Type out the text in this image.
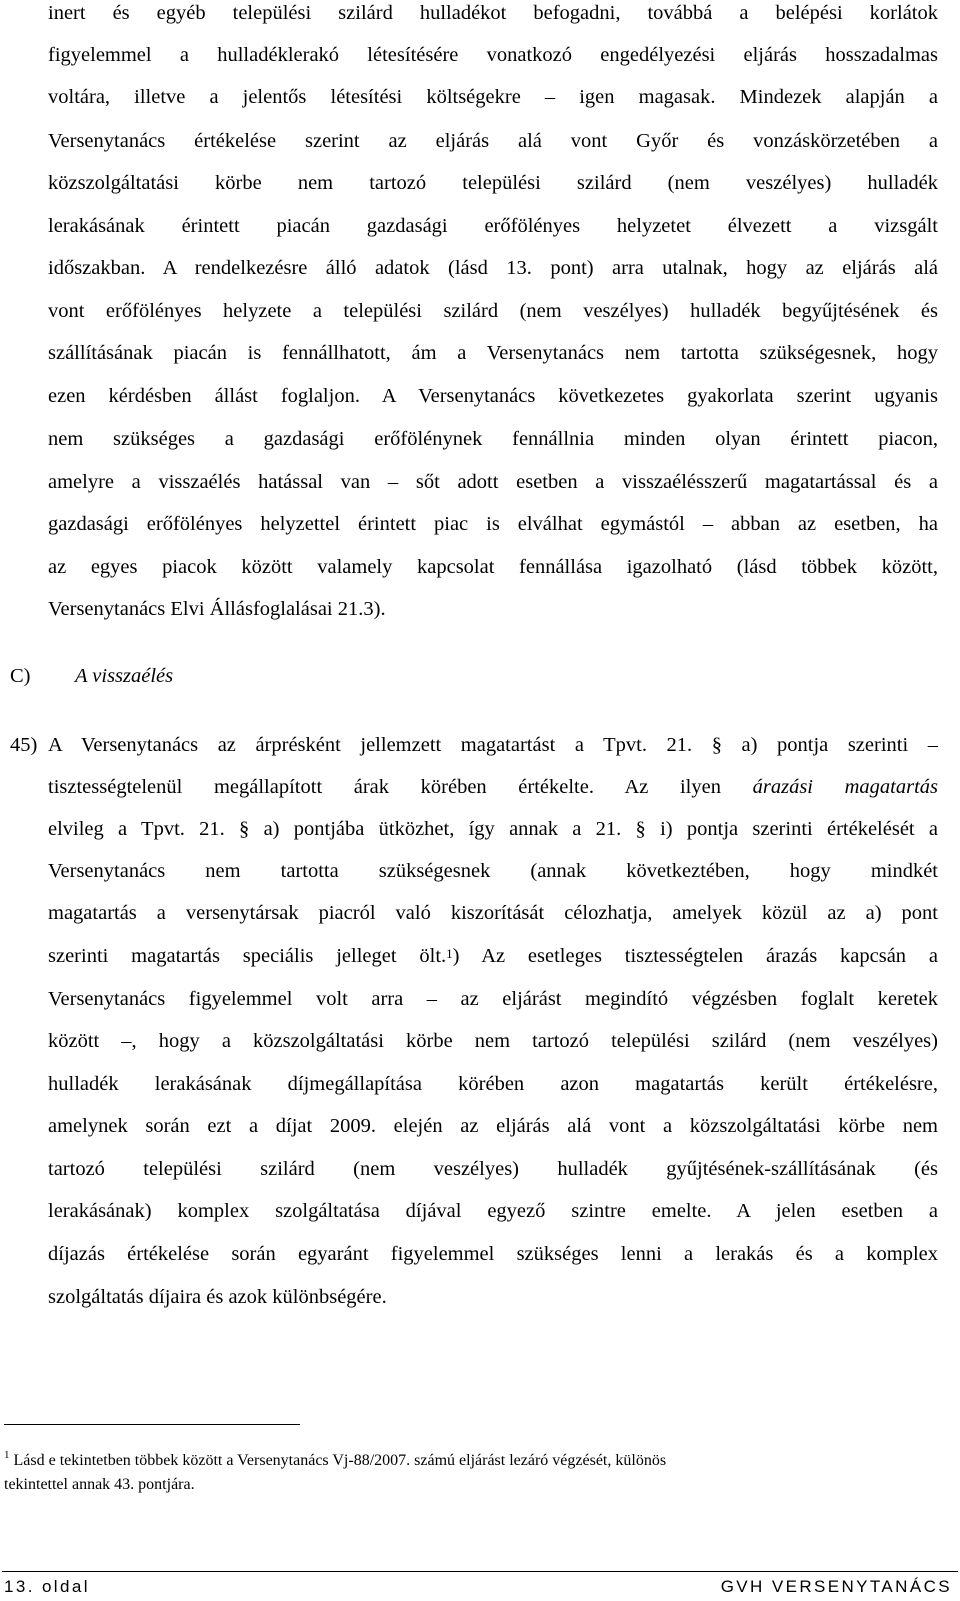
inert és egyéb települési szilárd hulladékot befogadni, továbbá a belépési korlátok
figyelemmel a hulladéklerakó létesítésére vonatkozó engedélyezési eljárás hosszadalmas
voltára, illetve a jelentős létesítési költségekre – igen magasak. Mindezek alapján a
Versenytanács értékelése szerint az eljárás alá vont Győr és vonzáskörzetében a
közszolgáltatási körbe nem tartozó települési szilárd (nem veszélyes) hulladék
lerakásának érintett piacán gazdasági erőfölényes helyzetet élvezett a vizsgált
időszakban. A rendelkezésre álló adatok (lásd 13. pont) arra utalnak, hogy az eljárás alá
vont erőfölényes helyzete a települési szilárd (nem veszélyes) hulladék begyűjtésének és
szállításának piacán is fennállhatott, ám a Versenytanács nem tartotta szükségesnek, hogy
ezen kérdésben állást foglaljon. A Versenytanács következetes gyakorlata szerint ugyanis
nem szükséges a gazdasági erőfölénynek fennállnia minden olyan érintett piacon,
amelyre a visszaélés hatással van – sőt adott esetben a visszaélésszerű magatartással és a
gazdasági erőfölényes helyzettel érintett piac is elválhat egymástól – abban az esetben, ha
az egyes piacok között valamely kapcsolat fennállása igazolható (lásd többek között,
Versenytanács Elvi Állásfoglalásai 21.3).
C) A visszaélés
45) A Versenytanács az árprésként jellemzett magatartást a Tpvt. 21. § a) pontja szerinti –
tisztességtelenül megállapított árak körében értékelte. Az ilyen árazási magatartás
elvileg a Tpvt. 21. § a) pontjába ütközhet, így annak a 21. § i) pontja szerinti értékelését a
Versenytanács nem tartotta szükségesnek (annak következtében, hogy mindkét
magatartás a versenytársak piacról való kiszorítását célozhatja, amelyek közül az a) pont
szerinti magatartás speciális jelleget ölt.$^1$) Az esetleges tisztességtelen árazás kapcsán a
Versenytanács figyelemmel volt arra – az eljárást megindító végzésben foglalt keretek
között –, hogy a közszolgáltatási körbe nem tartozó települési szilárd (nem veszélyes)
hulladék lerakásának díjmegállapítása körében azon magatartás került értékelésre,
amelynek során ezt a díjat 2009. elején az eljárás alá vont a közszolgáltatási körbe nem
tartozó települési szilárd (nem veszélyes) hulladék gyűjtésének-szállításának (és
lerakásának) komplex szolgáltatása díjával egyező szintre emelte. A jelen esetben a
díjazás értékelése során egyaránt figyelemmel szükséges lenni a lerakás és a komplex
szolgáltatás díjaira és azok különbségére.
$^1$ Lásd e tekintetben többek között a Versenytanács Vj-88/2007. számú eljárást lezáró végzését, különös
tekintettel annak 43. pontjára.
13. oldal	GVH VERSENYTANÁCS
